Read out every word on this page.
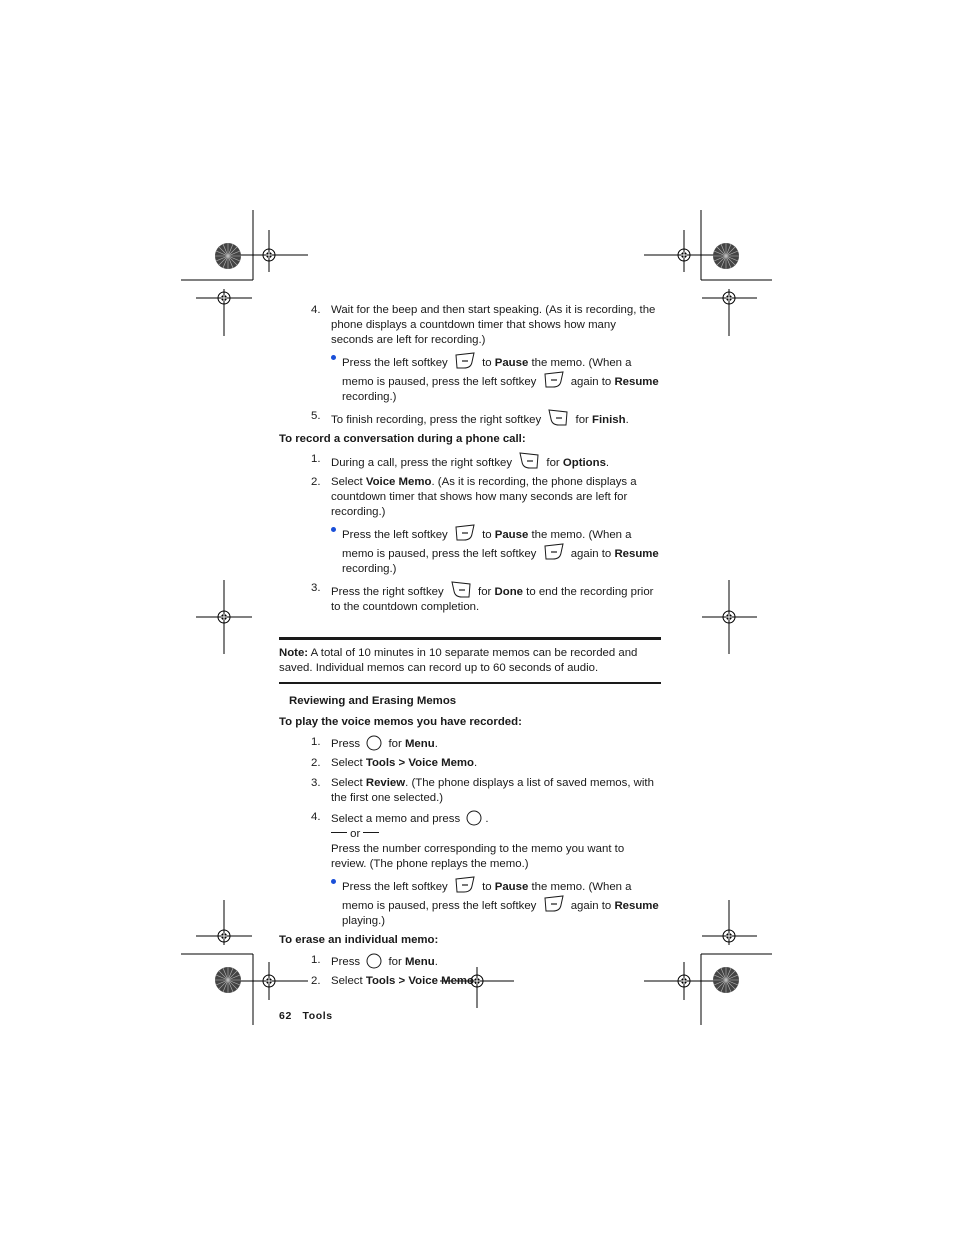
4. Wait for the beep and then start speaking. (As it is recording, the phone displays a countdown timer that shows how many seconds are left for recording.)
Press the left softkey	to Pause the memo. (When a memo is paused, press the left softkey	again to Resume recording.)
5. To finish recording, press the right softkey	for Finish.
To record a conversation during a phone call:
1. During a call, press the right softkey	for Options.
2. Select Voice Memo. (As it is recording, the phone displays a countdown timer that shows how many seconds are left for recording.)
Press the left softkey	to Pause the memo. (When a memo is paused, press the left softkey	again to Resume recording.)
3. Press the right softkey	for Done to end the recording prior to the countdown completion.
Note: A total of 10 minutes in 10 separate memos can be recorded and saved. Individual memos can record up to 60 seconds of audio.
Reviewing and Erasing Memos
To play the voice memos you have recorded:
1. Press for Menu.
2. Select Tools > Voice Memo.
3. Select Review. (The phone displays a list of saved memos, with the first one selected.)
4. Select a memo and press .
or
Press the number corresponding to the memo you want to review. (The phone replays the memo.)
Press the left softkey	to Pause the memo. (When a memo is paused, press the left softkey	again to Resume playing.)
To erase an individual memo:
1. Press for Menu.
2. Select Tools > Voice Memo.
62 Tools
